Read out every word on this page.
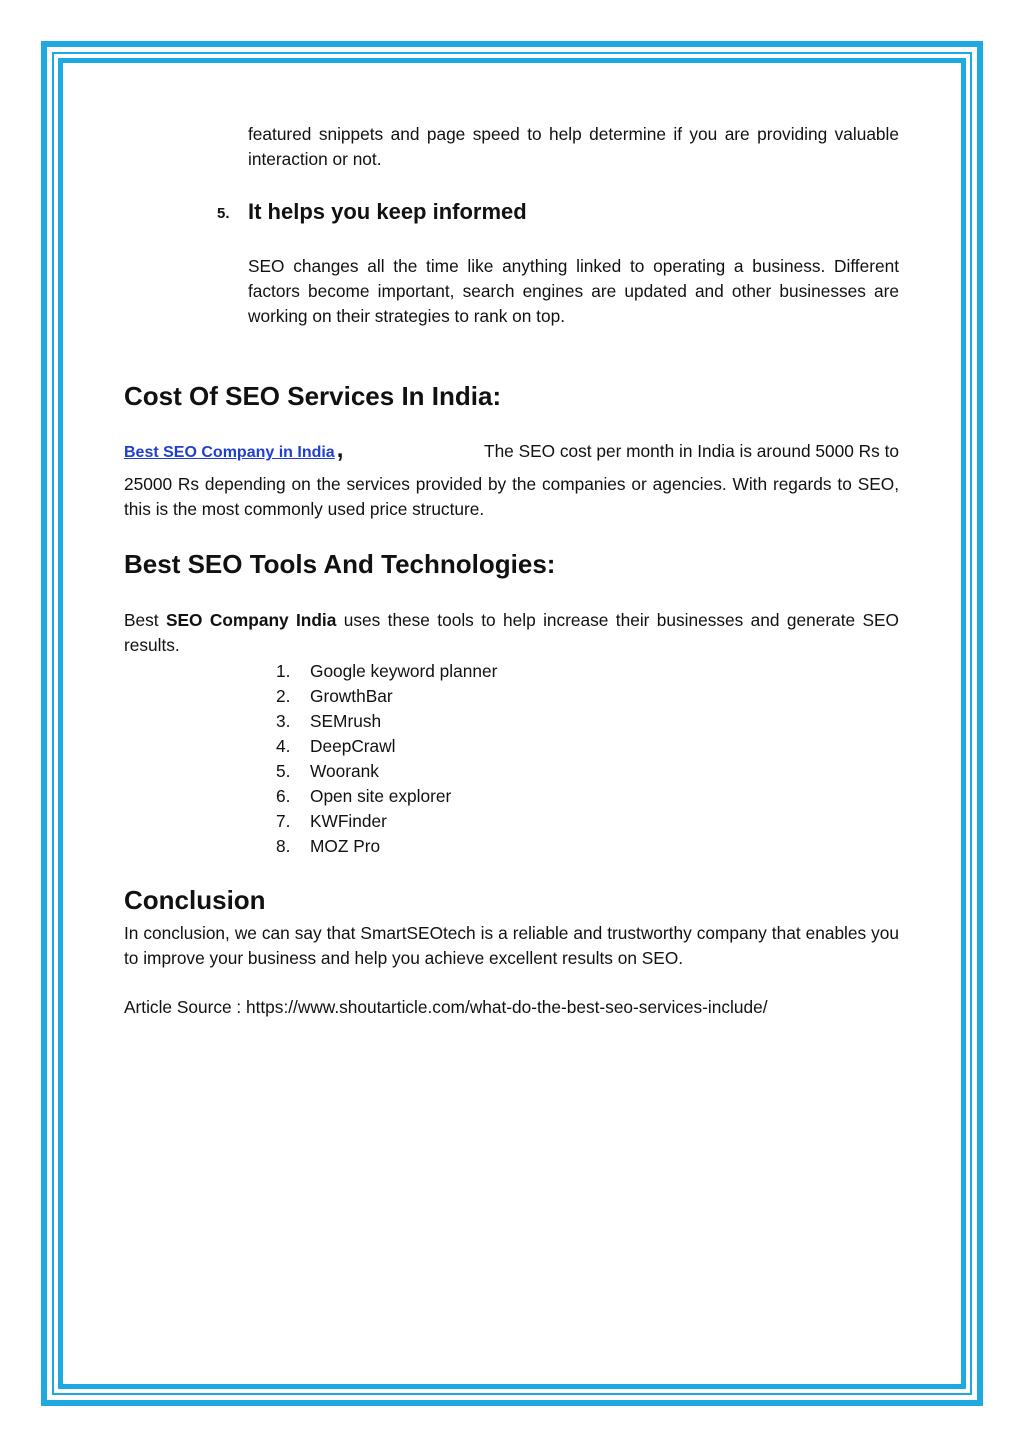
featured snippets and page speed to help determine if you are providing valuable interaction or not.

5. It helps you keep informed

SEO changes all the time like anything linked to operating a business. Different factors become important, search engines are updated and other businesses are working on their strategies to rank on top.

Cost Of SEO Services In India:
Best SEO Company in India ,	The SEO cost per month in India is around 5000 Rs to

25000 Rs depending on the services provided by the companies or agencies. With regards to SEO, this is the most commonly used price structure.

Best SEO Tools And Technologies:

Best SEO Company India uses these tools to help increase their businesses and generate SEO results.

1.	Google keyword planner
2.	GrowthBar
3.	SEMrush
4.	DeepCrawl
5.	Woorank
6.	Open site explorer
7.	KWFinder
8.	MOZ Pro
Conclusion

In conclusion, we can say that SmartSEOtech is a reliable and trustworthy company that enables you to improve your business and help you achieve excellent results on SEO.

Article Source : https://www.shoutarticle.com/what-do-the-best-seo-services-include/
